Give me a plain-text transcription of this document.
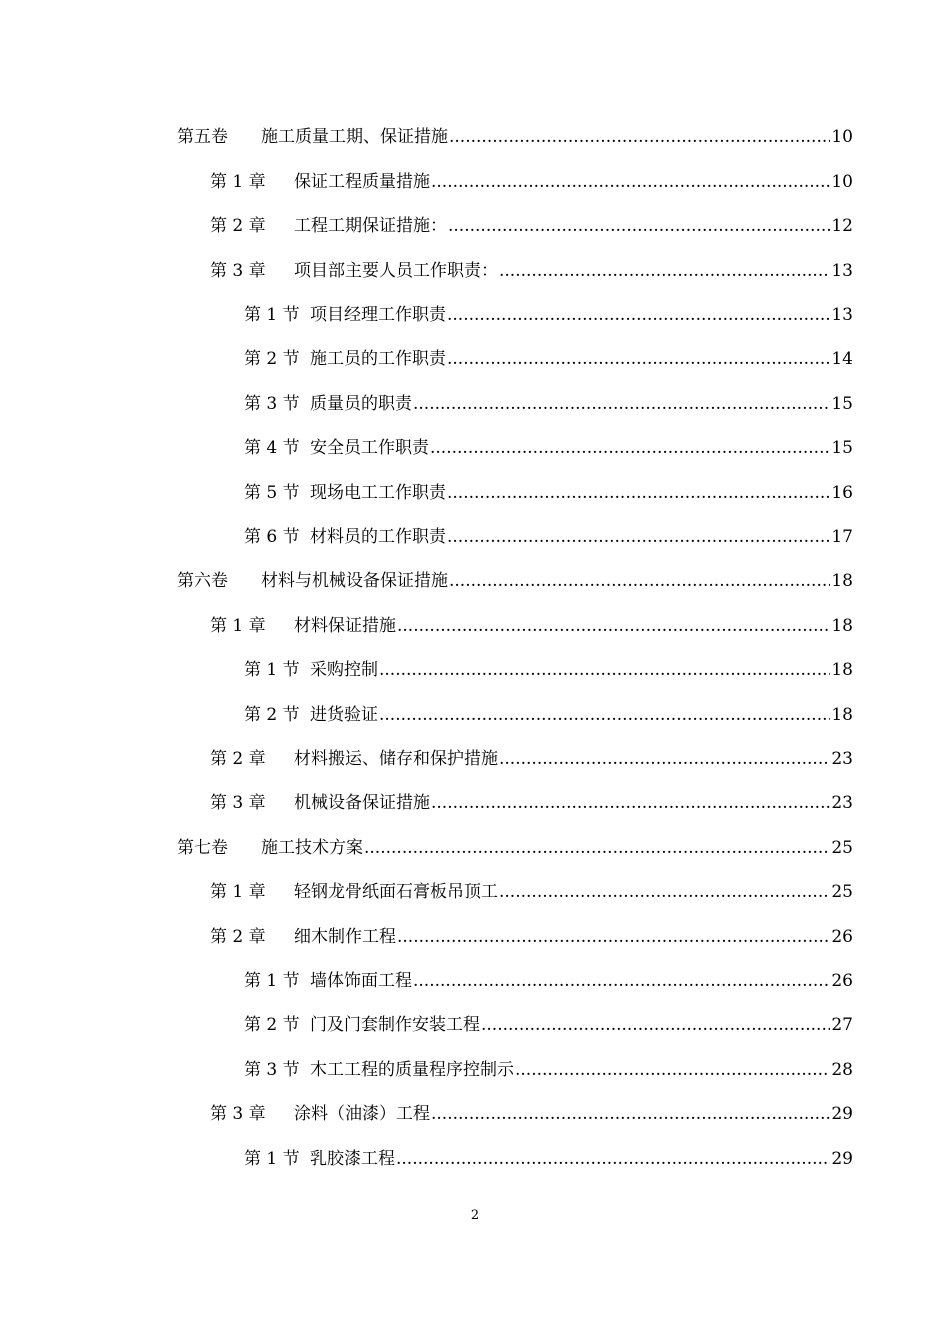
第五卷	施工质量工期、保证措施 .....	10
第 1 章	保证工程质量措施 .....	10
第 2 章	工程工期保证措施： .....	12
第 3 章	项目部主要人员工作职责： .....	13
第 1 节 项目经理工作职责 .....	13
第 2 节 施工员的工作职责 .....	14
第 3 节 质量员的职责 .....	15
第 4 节 安全员工作职责 .....	15
第 5 节 现场电工工作职责 .....	16
第 6 节 材料员的工作职责 .....	17
第六卷	材料与机械设备保证措施 .....	18
第 1 章	材料保证措施 .....	18
第 1 节 采购控制 .....	18
第 2 节 进货验证 .....	18
第 2 章	材料搬运、储存和保护措施 .....	23
第 3 章	机械设备保证措施 .....	23
第七卷	施工技术方案 .....	25
第 1 章	轻钢龙骨纸面石膏板吊顶工 .....	25
第 2 章	细木制作工程 .....	26
第 1 节 墙体饰面工程 .....	26
第 2 节 门及门套制作安装工程 .....	27
第 3 节 木工工程的质量程序控制示 .....	28
第 3 章	涂料（油漆）工程 .....	29
第 1 节 乳胶漆工程 .....	29
2
